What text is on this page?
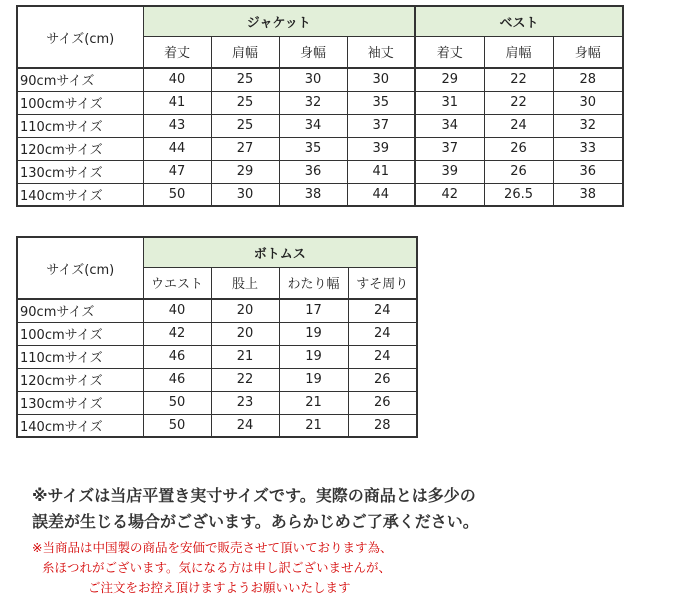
サイズ(cm)	ジャケット				ベスト		
	着丈	肩幅	身幅	袖丈	着丈	肩幅	身幅
90cmサイズ	40	25	30	30	29	22	28
100cmサイズ	41	25	32	35	31	22	30
110cmサイズ	43	25	34	37	34	24	32
120cmサイズ	44	27	35	39	37	26	33
130cmサイズ	47	29	36	41	39	26	36
140cmサイズ	50	30	38	44	42	26.5	38
サイズ(cm)	ボトムス			
	ウエスト	股上	わたり幅	すそ周り
90cmサイズ	40	20	17	24
100cmサイズ	42	20	19	24
110cmサイズ	46	21	19	24
120cmサイズ	46	22	19	26
130cmサイズ	50	23	21	26
140cmサイズ	50	24	21	28
※サイズは当店平置き実寸サイズです。実際の商品とは多少の
誤差が生じる場合がございます。あらかじめご了承ください。
※当商品は中国製の商品を安価で販売させて頂いております為、
糸ほつれがございます。気になる方は申し訳ございませんが、
ご注文をお控え頂けますようお願いいたします
